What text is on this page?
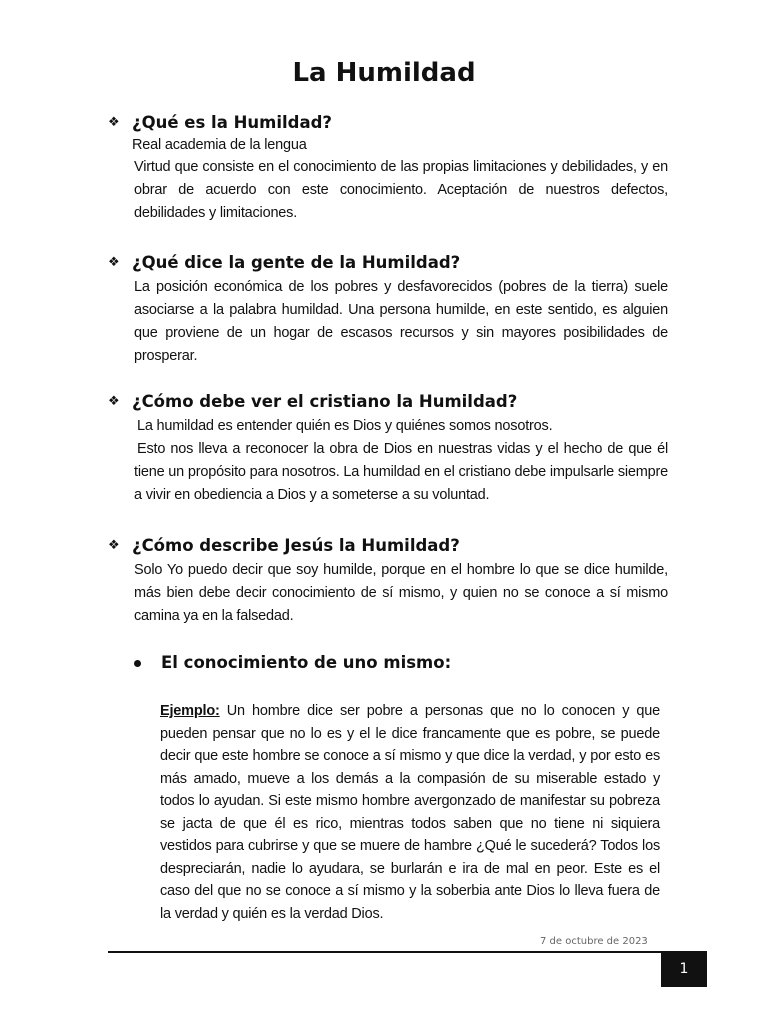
La Humildad
❖ ¿Qué es la Humildad?
Real academia de la lengua

Virtud que consiste en el conocimiento de las propias limitaciones y debilidades, y en obrar de acuerdo con este conocimiento. Aceptación de nuestros defectos, debilidades y limitaciones.

❖ ¿Qué dice la gente de la Humildad?

La posición económica de los pobres y desfavorecidos (pobres de la tierra) suele asociarse a la palabra humildad. Una persona humilde, en este sentido, es alguien que proviene de un hogar de escasos recursos y sin mayores posibilidades de prosperar.

❖ ¿Cómo debe ver el cristiano la Humildad?

La humildad es entender quién es Dios y quiénes somos nosotros.

Esto nos lleva a reconocer la obra de Dios en nuestras vidas y el hecho de que él tiene un propósito para nosotros. La humildad en el cristiano debe impulsarle siempre a vivir en obediencia a Dios y a someterse a su voluntad.

❖ ¿Cómo describe Jesús la Humildad?

Solo Yo puedo decir que soy humilde, porque en el hombre lo que se dice humilde, más bien debe decir conocimiento de sí mismo, y quien no se conoce a sí mismo camina ya en la falsedad.

El conocimiento de uno mismo:
Ejemplo: Un hombre dice ser pobre a personas que no lo conocen y que pueden pensar que no lo es y el le dice francamente que es pobre, se puede decir que este hombre se conoce a sí mismo y que dice la verdad, y por esto es más amado, mueve a los demás a la compasión de su miserable estado y todos lo ayudan. Si este mismo hombre avergonzado de manifestar su pobreza se jacta de que él es rico, mientras todos saben que no tiene ni siquiera vestidos para cubrirse y que se muere de hambre ¿Qué le sucederá? Todos los despreciarán, nadie lo ayudara, se burlarán e ira de mal en peor. Este es el caso del que no se conoce a sí mismo y la soberbia ante Dios lo lleva fuera de la verdad y quién es la verdad Dios.
7 de octubre de 2023
1
